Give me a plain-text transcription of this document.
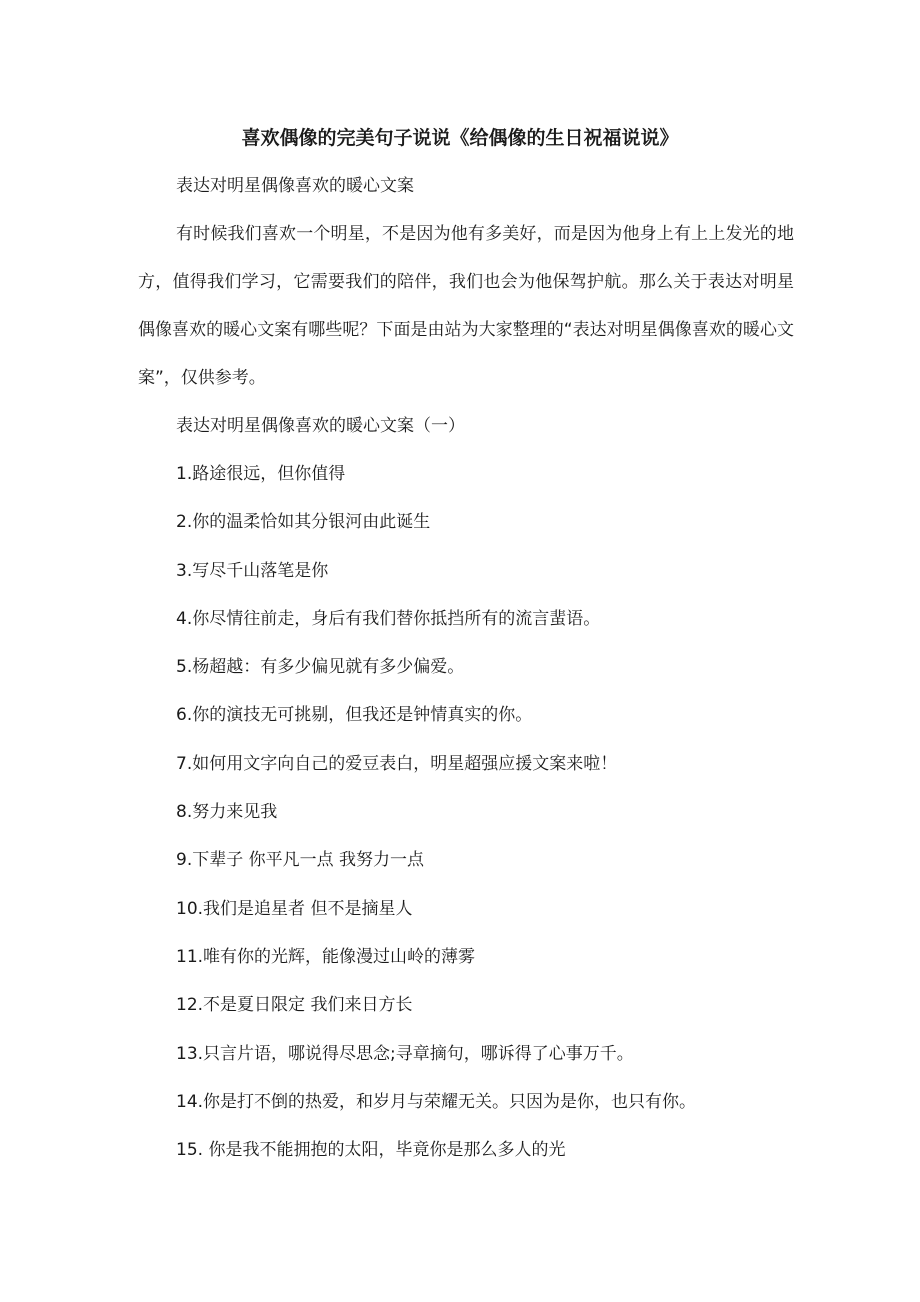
喜欢偶像的完美句子说说《给偶像的生日祝福说说》

表达对明星偶像喜欢的暖心文案

有时候我们喜欢一个明星，不是因为他有多美好，而是因为他身上有上上发光的地方，值得我们学习，它需要我们的陪伴，我们也会为他保驾护航。那么关于表达对明星偶像喜欢的暖心文案有哪些呢？下面是由站为大家整理的“表达对明星偶像喜欢的暖心文案”，仅供参考。

表达对明星偶像喜欢的暖心文案（一）

1.路途很远，但你值得
2.你的温柔恰如其分银河由此诞生
3.写尽千山落笔是你
4.你尽情往前走，身后有我们替你抵挡所有的流言蜚语。
5.杨超越：有多少偏见就有多少偏爱。
6.你的演技无可挑剔，但我还是钟情真实的你。
7.如何用文字向自己的爱豆表白，明星超强应援文案来啦！
8.努力来见我
9.下辈子 你平凡一点 我努力一点
10.我们是追星者 但不是摘星人
11.唯有你的光辉，能像漫过山岭的薄雾
12.不是夏日限定 我们来日方长
13.只言片语，哪说得尽思念;寻章摘句，哪诉得了心事万千。
14.你是打不倒的热爱，和岁月与荣耀无关。只因为是你，也只有你。
15. 你是我不能拥抱的太阳，毕竟你是那么多人的光
